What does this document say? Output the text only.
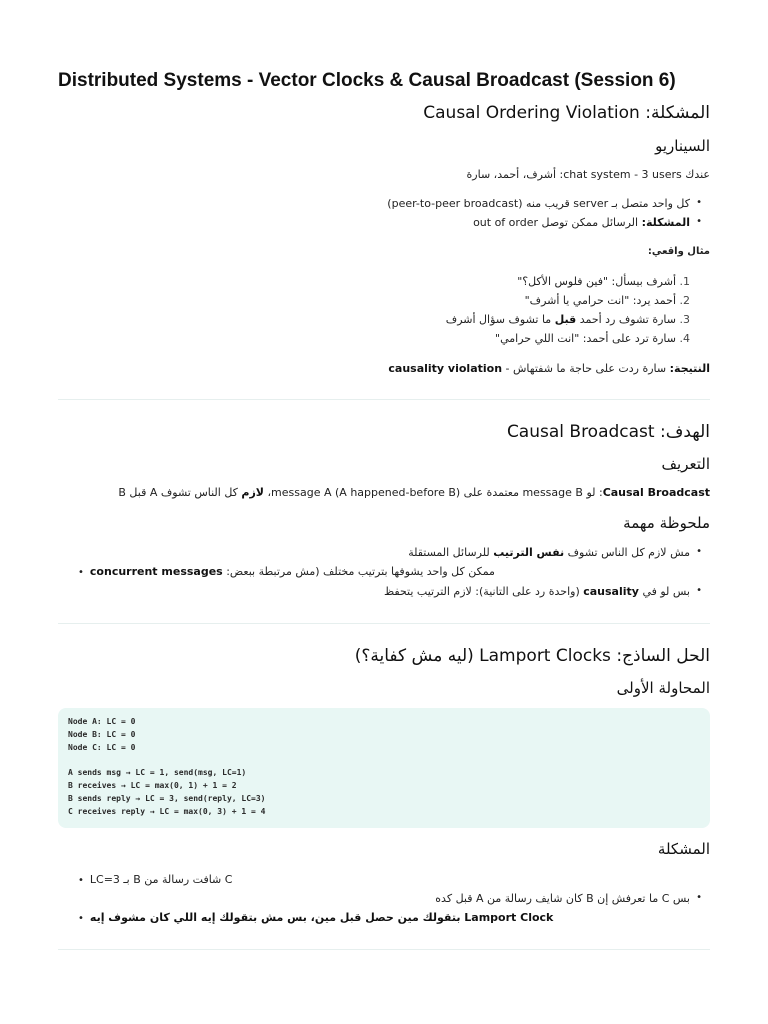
Distributed Systems - Vector Clocks & Causal Broadcast (Session 6)
المشكلة: Causal Ordering Violation
السيناريو
عندك chat system - 3 users: أشرف، أحمد، سارة
•
كل واحد متصل بـ server قريب منه (peer-to-peer broadcast)
•
المشكلة: الرسائل ممكن توصل out of order
مثال واقعي:
1. أشرف بيسأل: "فين فلوس الأكل؟"
2. أحمد يرد: "انت حرامي يا أشرف"
3. سارة تشوف رد أحمد قبل ما تشوف سؤال أشرف
4. سارة ترد على أحمد: "انت اللي حرامي"
النتيجة: سارة ردت على حاجة ما شفتهاش - causality violation
الهدف: Causal Broadcast
التعريف
Causal Broadcast: لو message B معتمدة على message A (A happened-before B)، لازم كل الناس تشوف A قبل B
ملحوظة مهمة
•
مش لازم كل الناس تشوف نفس الترتيب للرسائل المستقلة
• concurrent messages ممكن كل واحد يشوفها بترتيب مختلف (مش مرتبطة ببعض:
•
بس لو في causality (واحدة رد على التانية): لازم الترتيب يتحفظ
الحل الساذج: Lamport Clocks (ليه مش كفاية؟)
المحاولة الأولى
Node A: LC = 0
Node B: LC = 0
Node C: LC = 0
A sends msg → LC = 1, send(msg, LC=1)
B receives → LC = max(0, 1) + 1 = 2
B sends reply → LC = 3, send(reply, LC=3)
C receives reply → LC = max(0, 3) + 1 = 4
المشكلة
• C شافت رسالة من B بـ LC=3
•
بس C ما تعرفش إن B كان شايف رسالة من A قبل كده
• Lamport Clock بتقولك مين حصل قبل مين، بس مش بتقولك إيه اللي كان مشوف إيه
